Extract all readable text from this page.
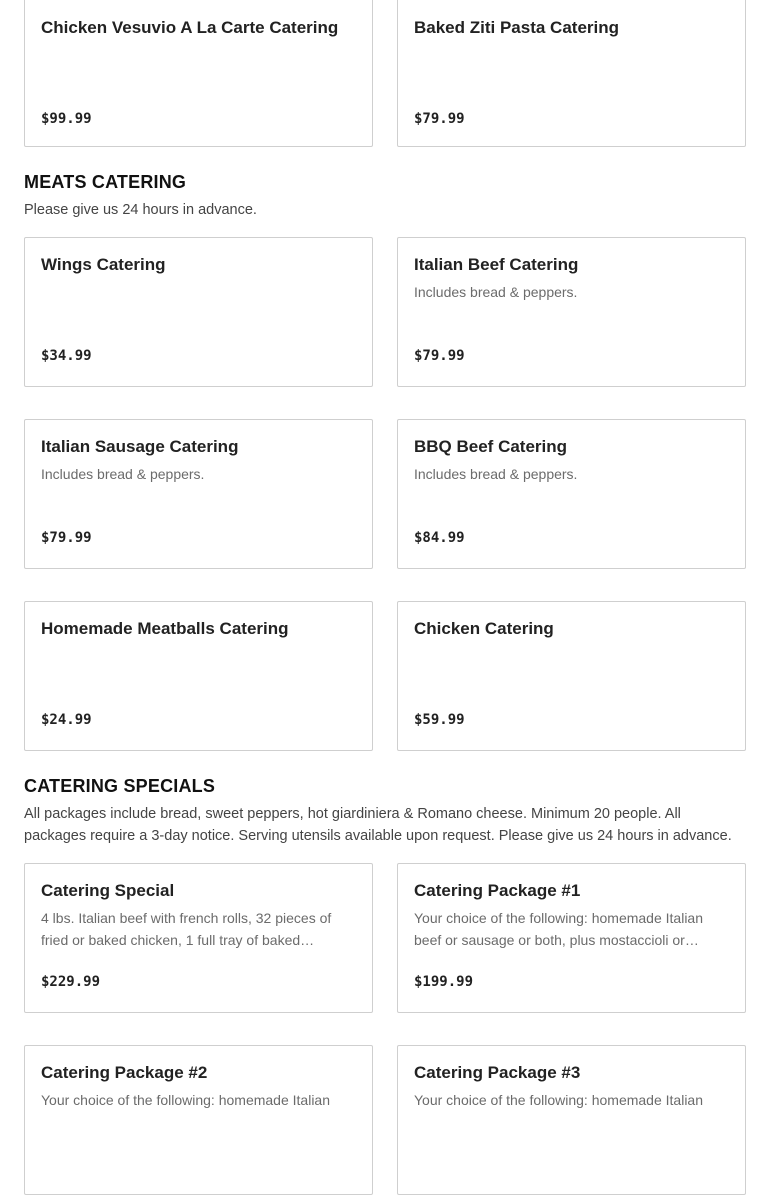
Chicken Vesuvio A La Carte Catering
$99.99
Baked Ziti Pasta Catering
$79.99
MEATS CATERING
Please give us 24 hours in advance.
Wings Catering
$34.99
Italian Beef Catering
Includes bread & peppers.
$79.99
Italian Sausage Catering
Includes bread & peppers.
$79.99
BBQ Beef Catering
Includes bread & peppers.
$84.99
Homemade Meatballs Catering
$24.99
Chicken Catering
$59.99
CATERING SPECIALS
All packages include bread, sweet peppers, hot giardiniera & Romano cheese. Minimum 20 people. All packages require a 3-day notice. Serving utensils available upon request. Please give us 24 hours in advance.
Catering Special
4 lbs. Italian beef with french rolls, 32 pieces of fried or baked chicken, 1 full tray of baked…
$229.99
Catering Package #1
Your choice of the following: homemade Italian beef or sausage or both, plus mostaccioli or…
$199.99
Catering Package #2
Your choice of the following: homemade Italian
Catering Package #3
Your choice of the following: homemade Italian
